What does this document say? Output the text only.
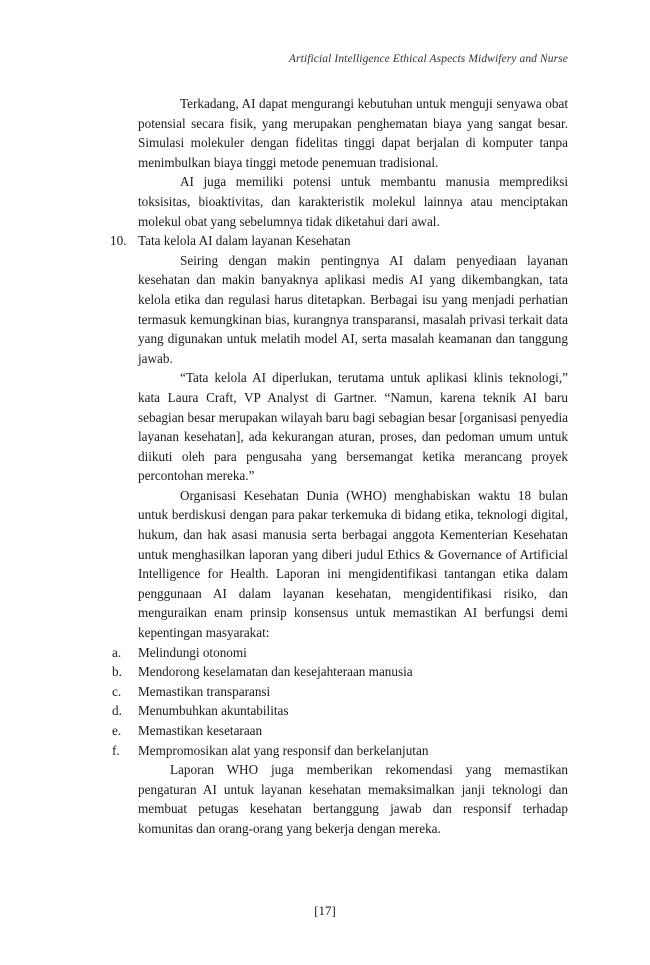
Artificial Intelligence Ethical Aspects Midwifery and Nurse

Terkadang, AI dapat mengurangi kebutuhan untuk menguji senyawa obat potensial secara fisik, yang merupakan penghematan biaya yang sangat besar. Simulasi molekuler dengan fidelitas tinggi dapat berjalan di komputer tanpa menimbulkan biaya tinggi metode penemuan tradisional.

AI juga memiliki potensi untuk membantu manusia memprediksi toksisitas, bioaktivitas, dan karakteristik molekul lainnya atau menciptakan molekul obat yang sebelumnya tidak diketahui dari awal.

10. Tata kelola AI dalam layanan Kesehatan

Seiring dengan makin pentingnya AI dalam penyediaan layanan kesehatan dan makin banyaknya aplikasi medis AI yang dikembangkan, tata kelola etika dan regulasi harus ditetapkan. Berbagai isu yang menjadi perhatian termasuk kemungkinan bias, kurangnya transparansi, masalah privasi terkait data yang digunakan untuk melatih model AI, serta masalah keamanan dan tanggung jawab.

“Tata kelola AI diperlukan, terutama untuk aplikasi klinis teknologi,” kata Laura Craft, VP Analyst di Gartner. “Namun, karena teknik AI baru sebagian besar merupakan wilayah baru bagi sebagian besar [organisasi penyedia layanan kesehatan], ada kekurangan aturan, proses, dan pedoman umum untuk diikuti oleh para pengusaha yang bersemangat ketika merancang proyek percontohan mereka.”

Organisasi Kesehatan Dunia (WHO) menghabiskan waktu 18 bulan untuk berdiskusi dengan para pakar terkemuka di bidang etika, teknologi digital, hukum, dan hak asasi manusia serta berbagai anggota Kementerian Kesehatan untuk menghasilkan laporan yang diberi judul Ethics & Governance of Artificial Intelligence for Health. Laporan ini mengidentifikasi tantangan etika dalam penggunaan AI dalam layanan kesehatan, mengidentifikasi risiko, dan menguraikan enam prinsip konsensus untuk memastikan AI berfungsi demi kepentingan masyarakat:

a. Melindungi otonomi
b. Mendorong keselamatan dan kesejahteraan manusia
c. Memastikan transparansi
d. Menumbuhkan akuntabilitas
e. Memastikan kesetaraan
f. Mempromosikan alat yang responsif dan berkelanjutan

Laporan WHO juga memberikan rekomendasi yang memastikan pengaturan AI untuk layanan kesehatan memaksimalkan janji teknologi dan membuat petugas kesehatan bertanggung jawab dan responsif terhadap komunitas dan orang-orang yang bekerja dengan mereka.

[17]
